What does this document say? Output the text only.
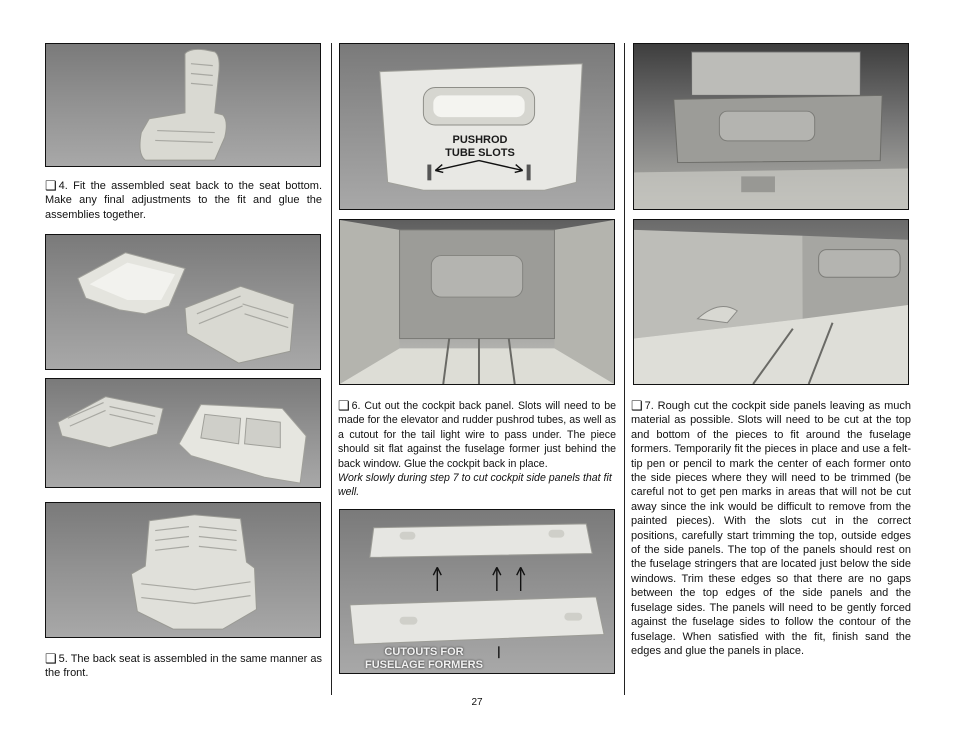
❑ 4. Fit the assembled seat back to the seat bottom. Make any final adjustments to the fit and glue the assemblies together.

❑ 5. The back seat is assembled in the same manner as the front.

PUSHROD
TUBE SLOTS

❑ 6. Cut out the cockpit back panel. Slots will need to be made for the elevator and rudder pushrod tubes, as well as a cutout for the tail light wire to pass under. The piece should sit flat against the fuselage former just behind the back window. Glue the cockpit back in place.

Work slowly during step 7 to cut cockpit side panels that fit well.

CUTOUTS FOR
FUSELAGE FORMERS

❑ 7. Rough cut the cockpit side panels leaving as much material as possible. Slots will need to be cut at the top and bottom of the pieces to fit around the fuselage formers. Temporarily fit the pieces in place and use a felt-tip pen or pencil to mark the center of each former onto the side pieces where they will need to be trimmed (be careful not to get pen marks in areas that will not be cut away since the ink would be difficult to remove from the painted pieces). With the slots cut in the correct positions, carefully start trimming the top, outside edges of the side panels. The top of the panels should rest on the fuselage stringers that are located just below the side windows. Trim these edges so that there are no gaps between the top edges of the side panels and the fuselage sides. The panels will need to be gently forced against the fuselage sides to follow the contour of the fuselage. When satisfied with the fit, finish sand the edges and glue the panels in place.

27
